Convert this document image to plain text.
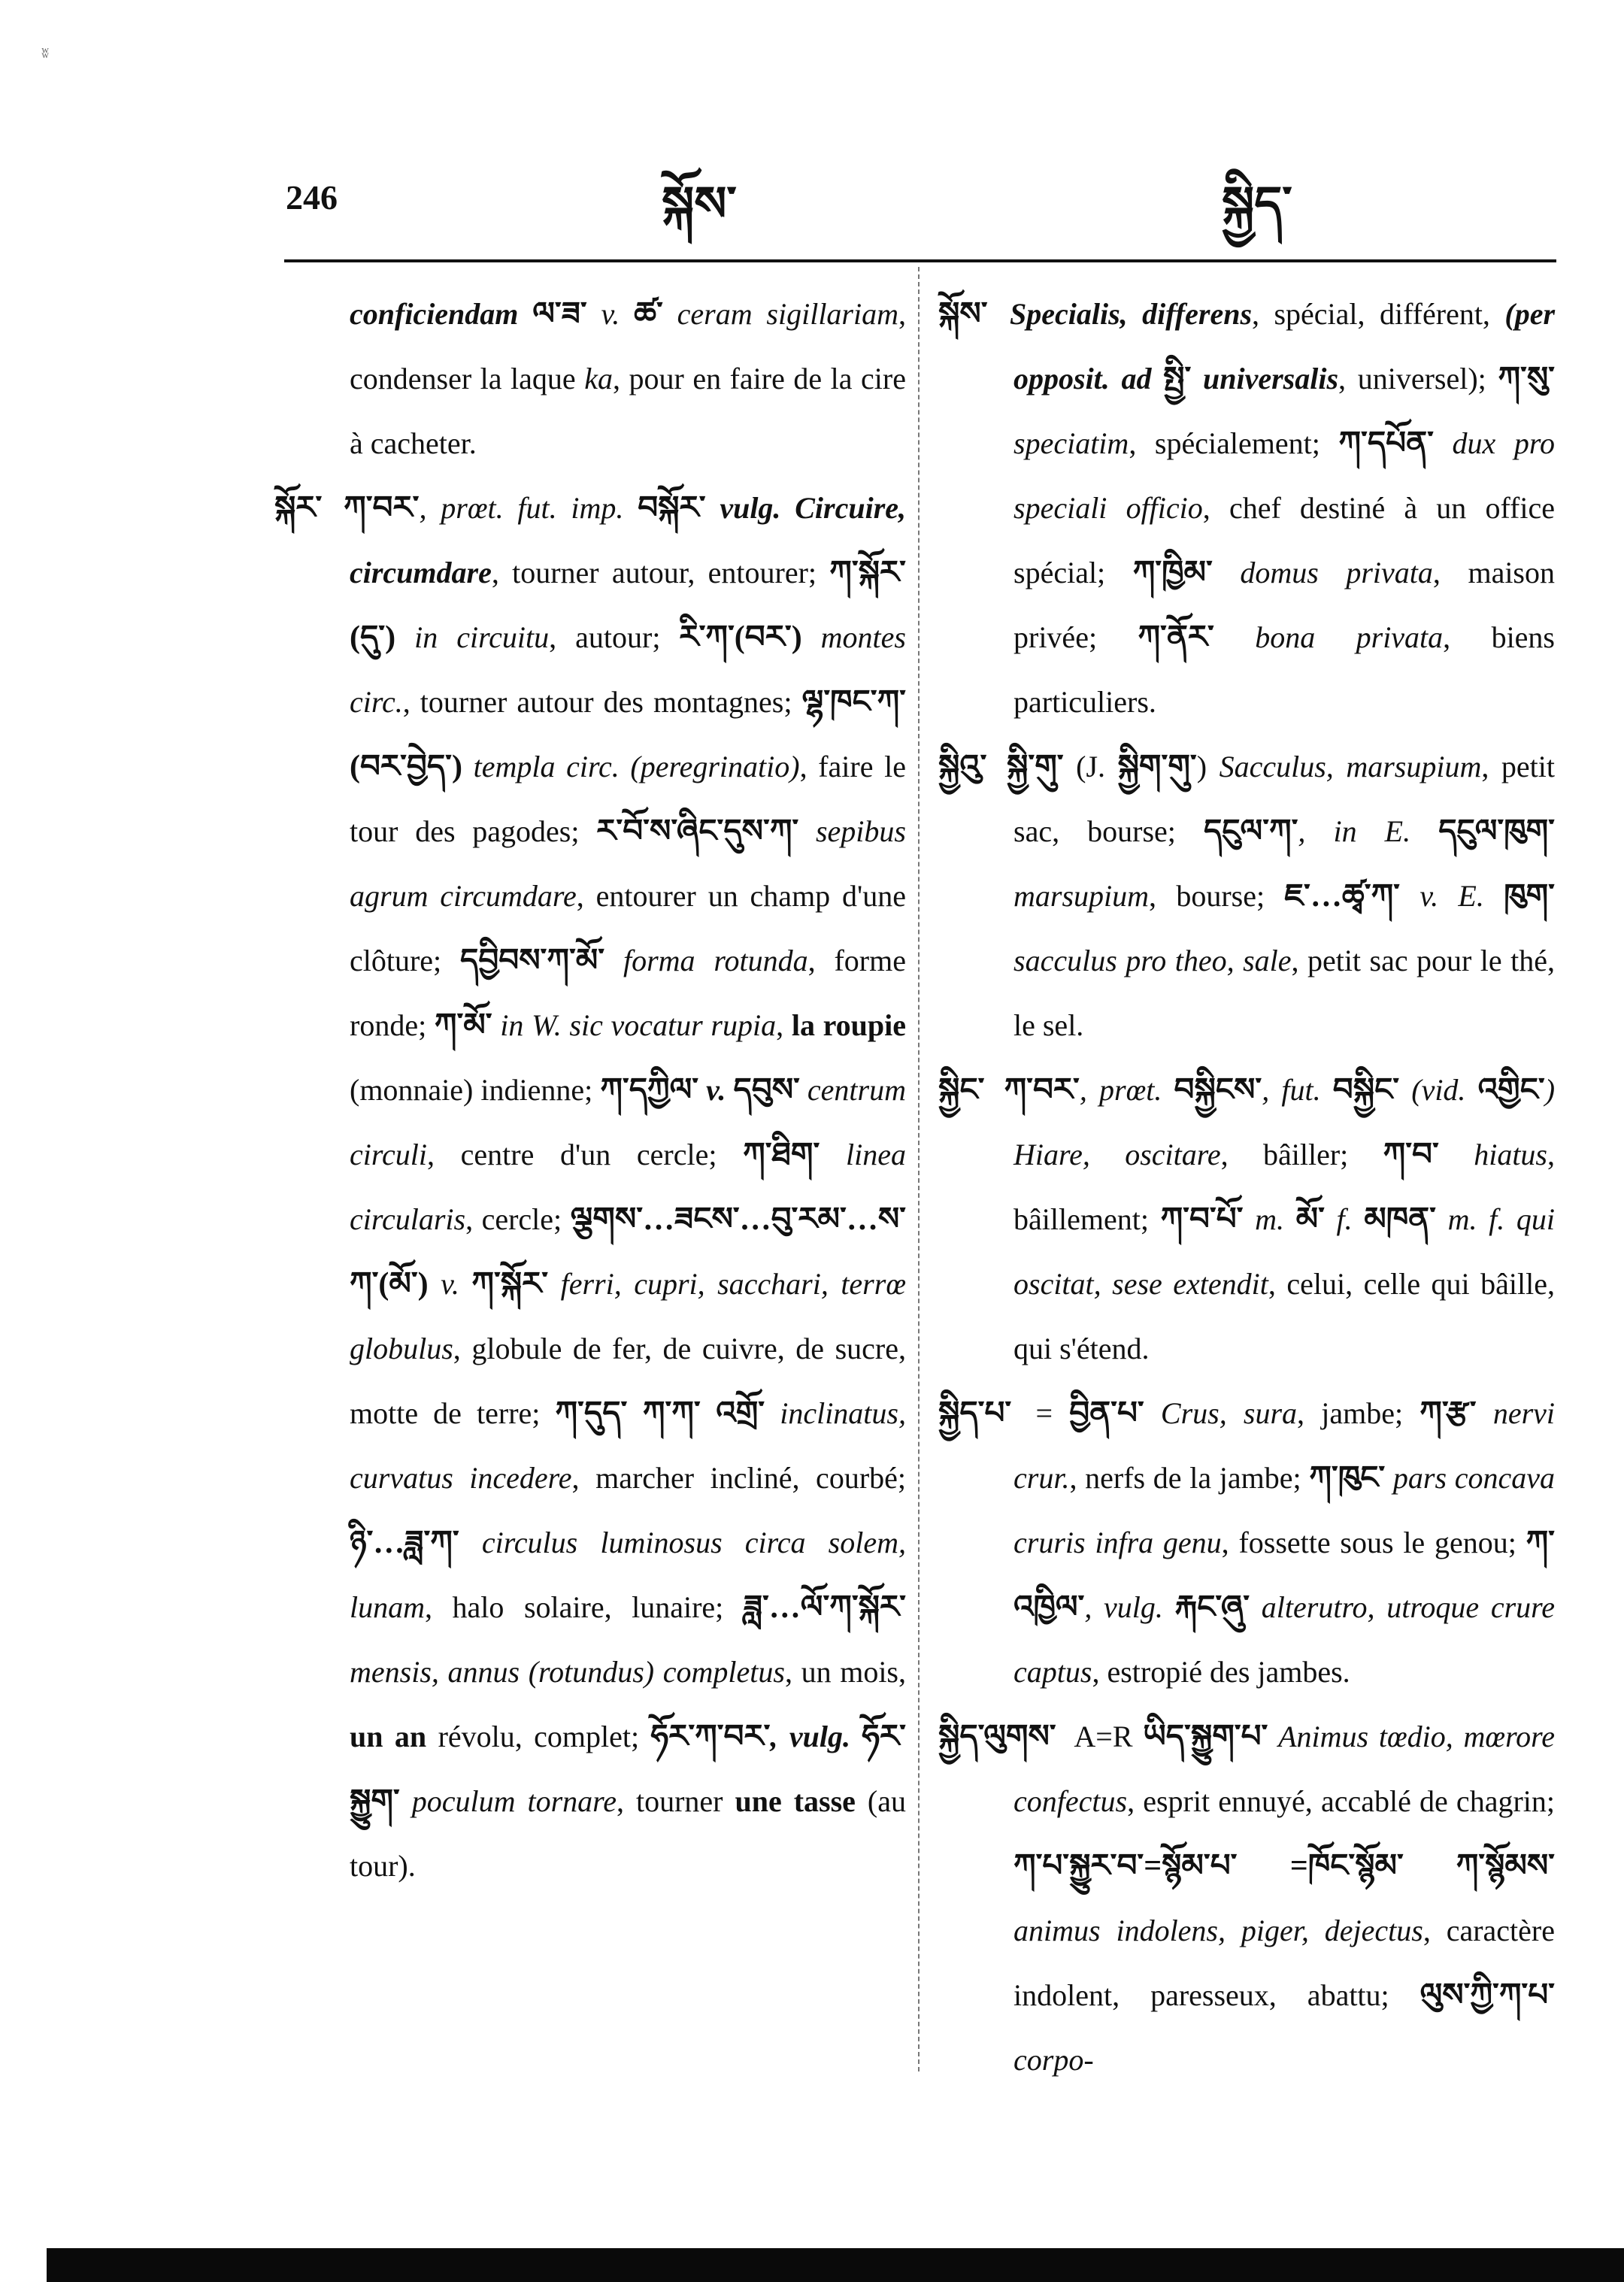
ʬ
246	སྐོས་	སྐྱིད་

conficiendam ལ་ཟ་ v. ཚ་ ceram sigillariam, condenser la laque ka, pour en faire de la cire à cacheter.

སྐོར་ ཀ་བར་, prœt. fut. imp. བསྐོར་ vulg. Circuire, circumdare, tourner autour, entourer; ཀ་སྐོར་(དུ་) in circuitu, autour; རི་ཀ་(བར་) montes circ., tourner autour des montagnes; ལྷ་ཁང་ཀ་(བར་བྱེད་) templa circ. (peregrinatio), faire le tour des pagodes; ར་བོ་ས་ཞིང་དུས་ཀ་ sepibus agrum circumdare, entourer un champ d'une clôture; དབྱིབས་ཀ་མོ་ forma rotunda, forme ronde; ཀ་མོ་ in W. sic vocatur rupia, la roupie (monnaie) indienne; ཀ་དཀྱིལ་ v. དབུས་ centrum circuli, centre d'un cercle; ཀ་ཐིག་ linea circularis, cercle; ལྕགས་…ཟངས་…བུ་རམ་…ས་ཀ་(མོ་) v. ཀ་སྐོར་ ferri, cupri, sacchari, terrœ globulus, globule de fer, de cuivre, de sucre, motte de terre; ཀ་དུད་ ཀ་ཀ་ འགྲོ་ inclinatus, curvatus incedere, marcher incliné, courbé; ཉི་…ཟླ་ཀ་ circulus luminosus circa solem, lunam, halo solaire, lunaire; ཟླ་…ལོ་ཀ་སྐོར་ mensis, annus (rotundus) completus, un mois, un an révolu, complet; ཧོར་ཀ་བར་, vulg. ཧོར་སྐྱུག་ poculum tornare, tourner une tasse (au tour).

སྐོས་ Specialis, differens, spécial, différent, (per opposit. ad སྤྱི་ universalis, universel); ཀ་སུ་ speciatim, spécialement; ཀ་དཔོན་ dux pro speciali officio, chef destiné à un office spécial; ཀ་ཁྱིམ་ domus privata, maison privée; ཀ་ནོར་ bona privata, biens particuliers.

སྐྱིའུ་ སྐྱི་གུ་ (J. སྐྱིག་གུ་) Sacculus, marsupium, petit sac, bourse; དངུལ་ཀ་, in E. དངུལ་ཁུག་ marsupium, bourse; ཇ་…ཚྭ་ཀ་ v. E. ཁུག་ sacculus pro theo, sale, petit sac pour le thé, le sel.

སྐྱིང་ ཀ་བར་, prœt. བསྐྱིངས་, fut. བསྐྱིང་ (vid. འགྱིང་) Hiare, oscitare, bâiller; ཀ་བ་ hiatus, bâillement; ཀ་བ་པོ་ m. མོ་ f. མཁན་ m. f. qui oscitat, sese extendit, celui, celle qui bâille, qui s'étend.

སྐྱིད་པ་ = བྱིན་པ་ Crus, sura, jambe; ཀ་རྩ་ nervi crur., nerfs de la jambe; ཀ་ཁུང་ pars concava cruris infra genu, fossette sous le genou; ཀ་འཁྱིལ་, vulg. རྐང་ཞུ་ alterutro, utroque crure captus, estropié des jambes.

སྐྱིད་ལུགས་ A=R ཡིད་སྐྱུག་པ་ Animus tœdio, mœrore confectus, esprit ennuyé, accablé de chagrin; ཀ་པ་སྐྱུར་བ་=སྙོམ་པ་ =ཁོང་སྙོམ་ ཀ་སྙོམས་ animus indolens, piger, dejectus, caractère indolent, paresseux, abattu; ལུས་ཀྱི་ཀ་པ་ corpo-
